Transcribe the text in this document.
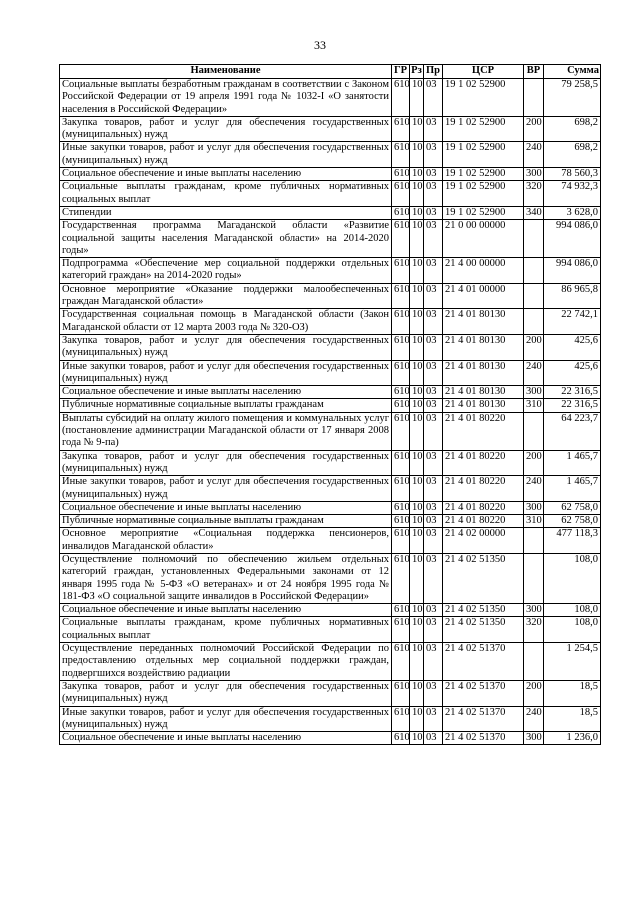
33
Наименование	ГР	Рз	Пр	ЦСР	ВР	Сумма
Социальные выплаты безработным гражданам в соответствии с Законом Российской Федерации от 19 апреля 1991 года № 1032-I «О занятости населения в Российской Федерации»	610	10	03	19 1 02 52900		79 258,5
Закупка товаров, работ и услуг для обеспечения государственных (муниципальных) нужд	610	10	03	19 1 02 52900	200	698,2
Иные закупки товаров, работ и услуг для обеспечения государственных (муниципальных) нужд	610	10	03	19 1 02 52900	240	698,2
Социальное обеспечение и иные выплаты населению	610	10	03	19 1 02 52900	300	78 560,3
Социальные выплаты гражданам, кроме публичных нормативных социальных выплат	610	10	03	19 1 02 52900	320	74 932,3
Стипендии	610	10	03	19 1 02 52900	340	3 628,0
Государственная программа Магаданской области «Развитие социальной защиты населения Магаданской области» на 2014-2020 годы»	610	10	03	21 0 00 00000		994 086,0
Подпрограмма «Обеспечение мер социальной поддержки отдельных категорий граждан» на 2014-2020 годы»	610	10	03	21 4 00 00000		994 086,0
Основное мероприятие «Оказание поддержки малообеспеченных граждан Магаданской области»	610	10	03	21 4 01 00000		86 965,8
Государственная социальная помощь в Магаданской области (Закон Магаданской области от 12 марта 2003 года № 320-ОЗ)	610	10	03	21 4 01 80130		22 742,1
Закупка товаров, работ и услуг для обеспечения государственных (муниципальных) нужд	610	10	03	21 4 01 80130	200	425,6
Иные закупки товаров, работ и услуг для обеспечения государственных (муниципальных) нужд	610	10	03	21 4 01 80130	240	425,6
Социальное обеспечение и иные выплаты населению	610	10	03	21 4 01 80130	300	22 316,5
Публичные нормативные социальные выплаты гражданам	610	10	03	21 4 01 80130	310	22 316,5
Выплаты субсидий на оплату жилого помещения и коммунальных услуг (постановление администрации Магаданской области от 17 января 2008 года № 9-па)	610	10	03	21 4 01 80220		64 223,7
Закупка товаров, работ и услуг для обеспечения государственных (муниципальных) нужд	610	10	03	21 4 01 80220	200	1 465,7
Иные закупки товаров, работ и услуг для обеспечения государственных (муниципальных) нужд	610	10	03	21 4 01 80220	240	1 465,7
Социальное обеспечение и иные выплаты населению	610	10	03	21 4 01 80220	300	62 758,0
Публичные нормативные социальные выплаты гражданам	610	10	03	21 4 01 80220	310	62 758,0
Основное мероприятие «Социальная поддержка пенсионеров, инвалидов Магаданской области»	610	10	03	21 4 02 00000		477 118,3
Осуществление полномочий по обеспечению жильем отдельных категорий граждан, установленных Федеральными законами от 12 января 1995 года № 5-ФЗ «О ветеранах» и от 24 ноября 1995 года № 181-ФЗ «О социальной защите инвалидов в Российской Федерации»	610	10	03	21 4 02 51350		108,0
Социальное обеспечение и иные выплаты населению	610	10	03	21 4 02 51350	300	108,0
Социальные выплаты гражданам, кроме публичных нормативных социальных выплат	610	10	03	21 4 02 51350	320	108,0
Осуществление переданных полномочий Российской Федерации по предоставлению отдельных мер социальной поддержки граждан, подвергшихся воздействию радиации	610	10	03	21 4 02 51370		1 254,5
Закупка товаров, работ и услуг для обеспечения государственных (муниципальных) нужд	610	10	03	21 4 02 51370	200	18,5
Иные закупки товаров, работ и услуг для обеспечения государственных (муниципальных) нужд	610	10	03	21 4 02 51370	240	18,5
Социальное обеспечение и иные выплаты населению	610	10	03	21 4 02 51370	300	1 236,0
